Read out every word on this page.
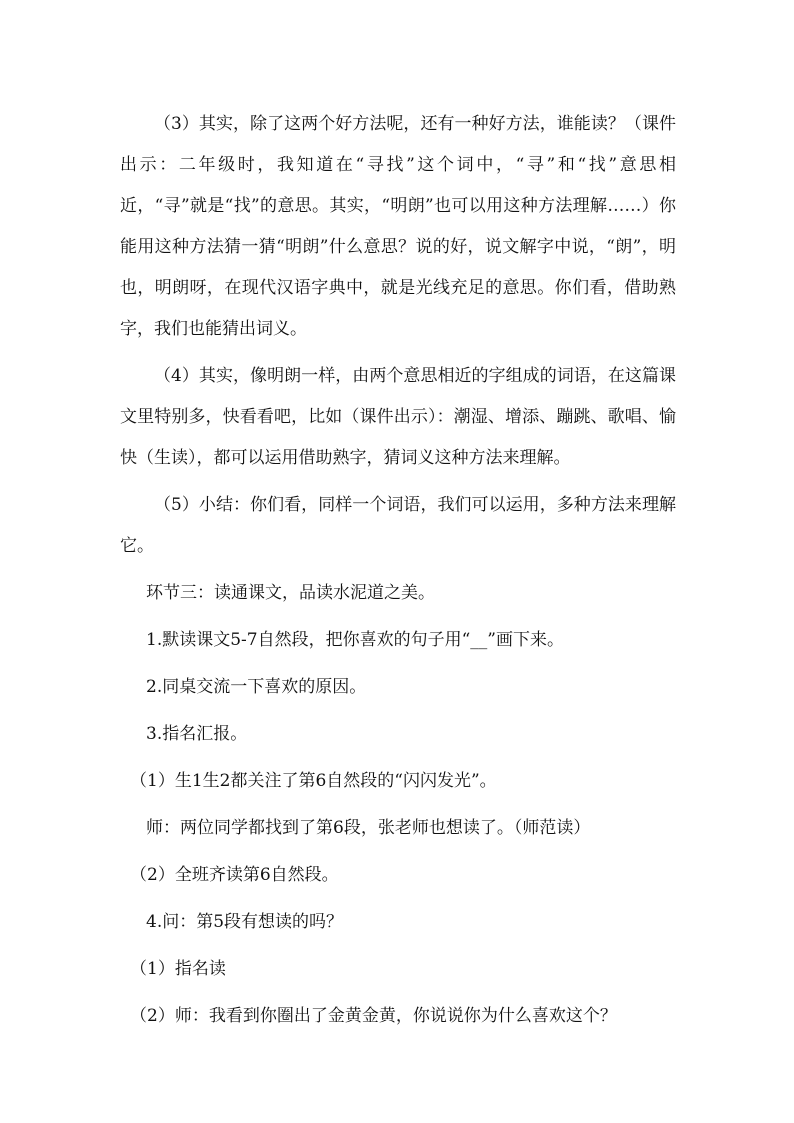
（3）其实，除了这两个好方法呢，还有一种好方法，谁能读？（课件出示：二年级时，我知道在“寻找”这个词中，“寻”和“找”意思相近，“寻”就是“找”的意思。其实，“明朗”也可以用这种方法理解……）你能用这种方法猜一猜“明朗”什么意思？说的好，说文解字中说，“朗”，明也，明朗呀，在现代汉语字典中，就是光线充足的意思。你们看，借助熟字，我们也能猜出词义。

（4）其实，像明朗一样，由两个意思相近的字组成的词语，在这篇课文里特别多，快看看吧，比如（课件出示）：潮湿、增添、蹦跳、歌唱、愉快（生读），都可以运用借助熟字，猜词义这种方法来理解。

（5）小结：你们看，同样一个词语，我们可以运用，多种方法来理解它。

环节三：读通课文，品读水泥道之美。

1.默读课文5-7自然段，把你喜欢的句子用“__”画下来。

2.同桌交流一下喜欢的原因。

3.指名汇报。

（1）生1生2都关注了第6自然段的“闪闪发光”。

师：两位同学都找到了第6段，张老师也想读了。（师范读）

（2）全班齐读第6自然段。

4.问：第5段有想读的吗？

（1）指名读

（2）师：我看到你圈出了金黄金黄，你说说你为什么喜欢这个？
